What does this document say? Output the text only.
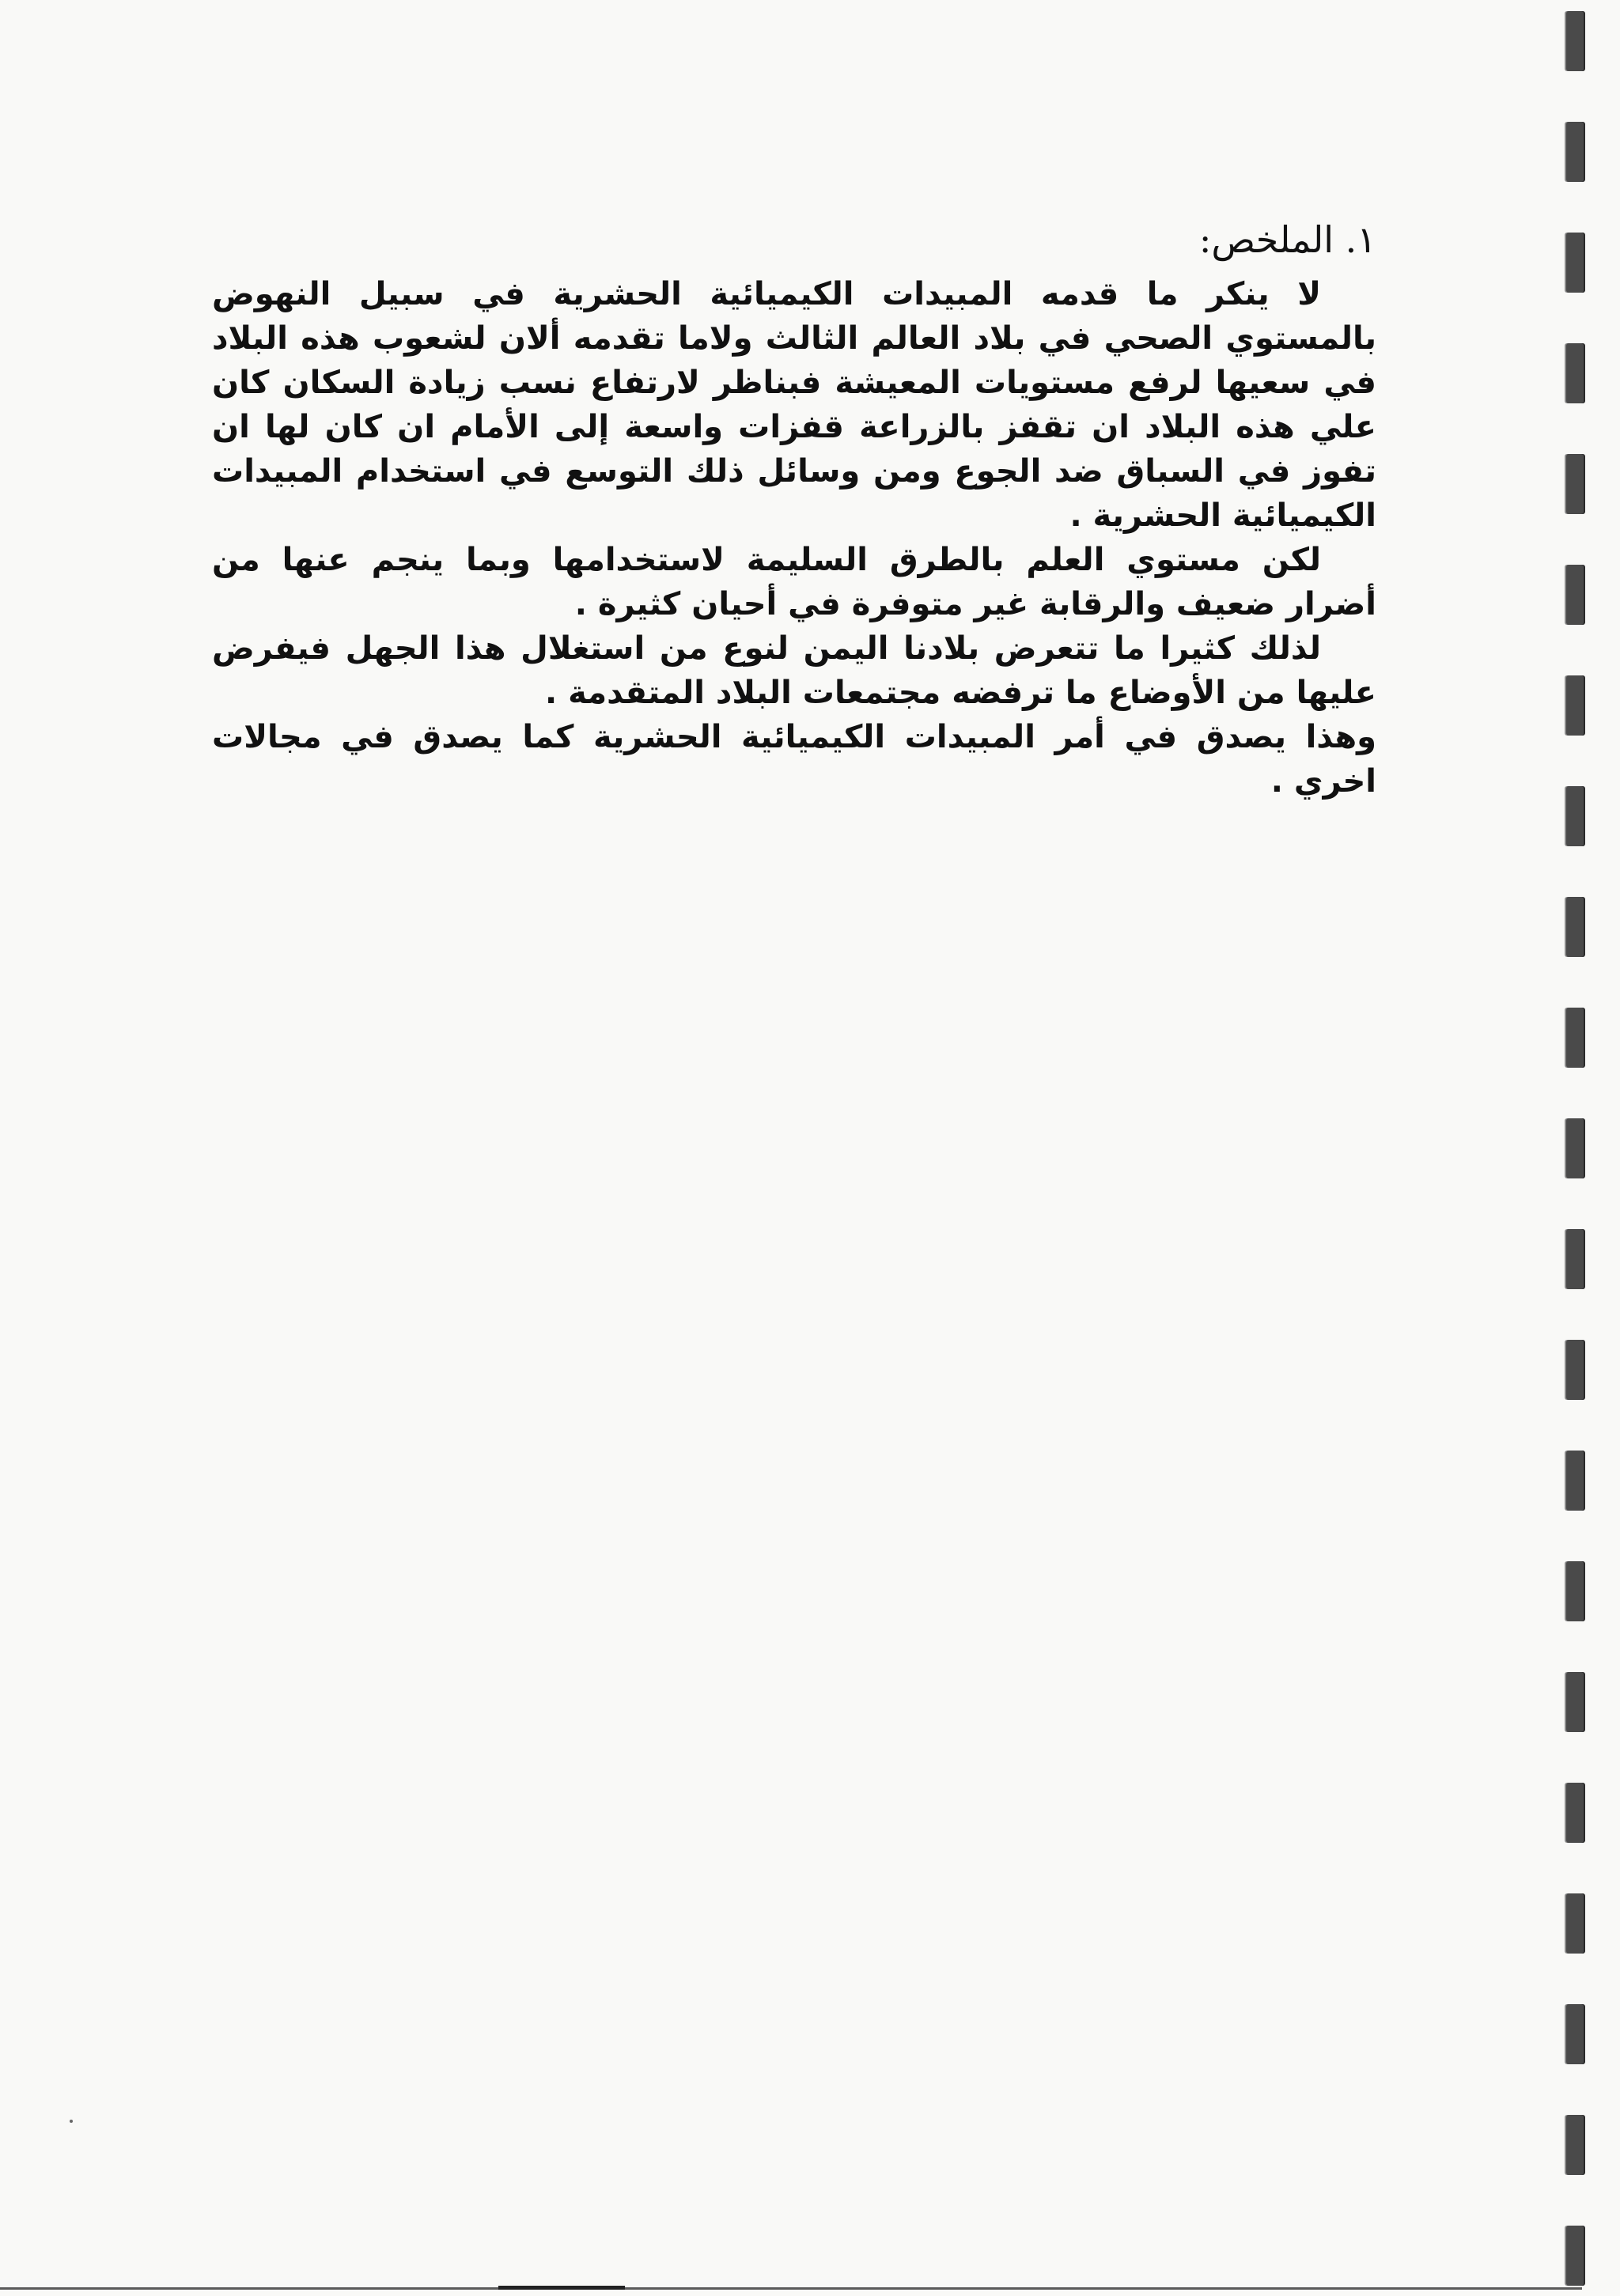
١. الملخص:

لا ينكر ما قدمه المبيدات الكيميائية الحشرية في سبيل النهوض بالمستوي الصحي في بلاد العالم الثالث ولاما تقدمه ألان لشعوب هذه البلاد في سعيها لرفع مستويات المعيشة فبناظر لارتفاع نسب زيادة السكان كان علي هذه البلاد ان تقفز بالزراعة قفزات واسعة إلى الأمام ان كان لها ان تفوز في السباق ضد الجوع ومن وسائل ذلك التوسع في استخدام المبيدات الكيميائية الحشرية .

لكن مستوي العلم بالطرق السليمة لاستخدامها وبما ينجم عنها من أضرار ضعيف والرقابة غير متوفرة في أحيان كثيرة .

لذلك كثيرا ما تتعرض بلادنا اليمن لنوع من استغلال هذا الجهل فيفرض عليها من الأوضاع ما ترفضه مجتمعات البلاد المتقدمة .

وهذا يصدق في أمر المبيدات الكيميائية الحشرية كما يصدق في مجالات اخري .
